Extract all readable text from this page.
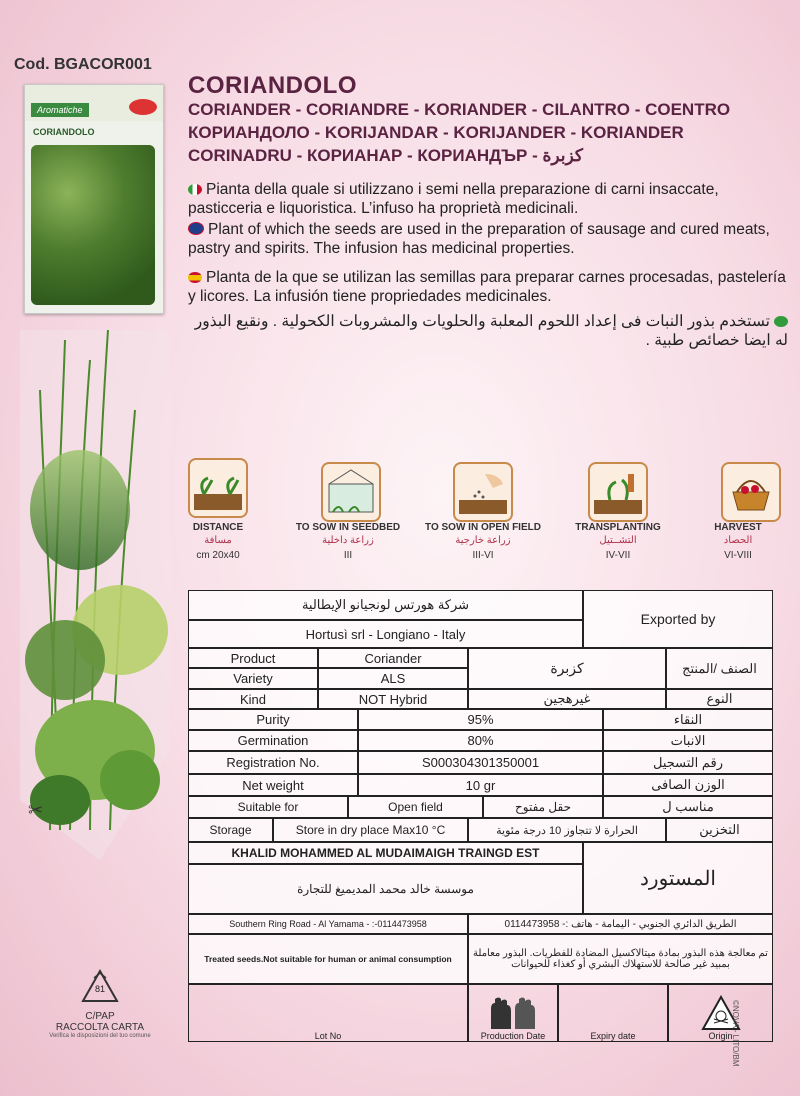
Cod. BGACOR001
Aromatiche
CORIANDOLO
✂
CORIANDOLO
CORIANDER - CORIANDRE - KORIANDER - CILANTRO - COENTRO
КОРИАНДОЛО - KORIJANDAR - KORIJANDER - KORIANDER
CORINADRU - КОРИАНАР - КОРИАНДЪР - كزبرة
Pianta della quale si utilizzano i semi nella preparazione di carni insaccate, pasticceria e liquoristica. L’infuso ha proprietà medicinali.
Plant of which the seeds are used in the preparation of sausage and cured meats, pastry and spirits. The infusion has medicinal properties.
Planta de la que se utilizan las semillas para preparar carnes procesadas, pastelería y licores. La infusión tiene propriedades medicinales.
تستخدم بذور النبات فى إعداد اللحوم المعلبة والحلويات والمشروبات الكحولية . ونقيع البذور له ايضا خصائص طبية .
DISTANCE
مسافة
cm 20x40
TO SOW IN SEEDBED
زراعة داخلية
III
TO SOW IN OPEN FIELD
زراعة خارجية
III-VI
TRANSPLANTING
التشــتيل
IV-VII
HARVEST
الحصاد
VI-VIII
شركة هورتس لونجيانو الإيطالية
Hortusì srl - Longiano - Italy
Exported by
Product	Coriander
Variety	ALS
كزبرة	الصنف /المنتج
Kind	NOT Hybrid	غيرهجين	النوع
Purity	95%	النقاء
Germination	80%	الانبات
Registration No.	S000304301350001	رقم التسجيل
Net weight	10 gr	الوزن الصافى
Suitable for	Open field	حقل مفتوح	مناسب ل
Storage	Store in dry place Max10 °C	الحرارة لا تتجاوز 10 درجة مئوية	التخزين
KHALID MOHAMMED AL MUDAIMAIGH TRAINGD EST
موسسة خالد محمد المديميغ للتجارة	المستورد
Southern Ring Road - Al Yamama - :-0114473958	الطريق الدائري الجنوبي - اليمامة - هاتف :- 0114473958
Treated seeds.Not suitable for human or animal consumption	تم معالجة هذه البذور بمادة ميتالاكسيل المضادة للفطريات. البذور معاملة بمبيد غير صالحة للاستهلاك البشري أو كغذاء للحيوانات
Lot No	Production Date	Expiry date	Origin
81
C/PAP
RACCOLTA CARTA
Verifica le disposizioni del tuo comune	©NOVA - LITO/BM
